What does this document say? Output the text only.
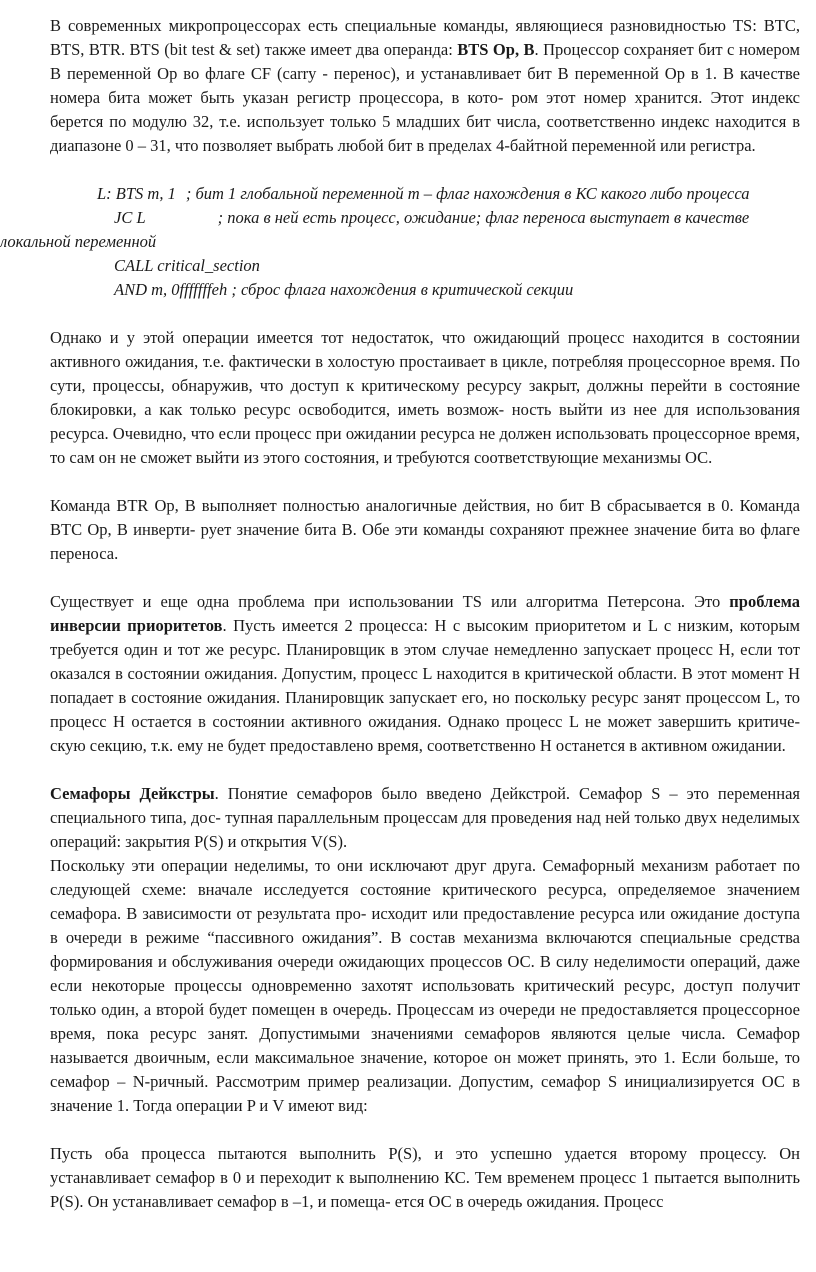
В современных микропроцессорах есть специальные команды, являющиеся разновидностью TS: BTC, BTS, BTR. BTS (bit test & set) также имеет два операнда: BTS Op, B. Процессор сохраняет бит с номером B переменной Op во флаге CF (carry - перенос), и устанавливает бит B переменной Op в 1. В качестве номера бита может быть указан регистр процессора, в кото- ром этот номер хранится. Этот индекс берется по модулю 32, т.е. использует только 5 младших бит числа, соответственно индекс находится в диапазоне 0 – 31, что позволяет выбрать любой бит в пределах 4-байтной переменной или регистра.

L: BTS m, 1 ; бит 1 глобальной переменной m – флаг нахождения в КС какого либо процесса
JC L	; пока в ней есть процесс, ожидание; флаг переноса выступает в качестве
локальной переменной
CALL critical_section
AND m, 0fffffffeh ; сброс флага нахождения в критической секции

Однако и у этой операции имеется тот недостаток, что ожидающий процесс находится в состоянии активного ожидания, т.е. фактически в холостую простаивает в цикле, потребляя процессорное время. По сути, процессы, обнаружив, что доступ к критическому ресурсу закрыт, должны перейти в состояние блокировки, а как только ресурс освободится, иметь возмож- ность выйти из нее для использования ресурса. Очевидно, что если процесс при ожидании ресурса не должен использовать процессорное время, то сам он не сможет выйти из этого состояния, и требуются соответствующие механизмы ОС.

Команда BTR Op, B выполняет полностью аналогичные действия, но бит B сбрасывается в 0. Команда BTC Op, B инверти- рует значение бита B. Обе эти команды сохраняют прежнее значение бита во флаге переноса.

Существует и еще одна проблема при использовании TS или алгоритма Петерсона. Это проблема инверсии приоритетов. Пусть имеется 2 процесса: H с высоким приоритетом и L с низким, которым требуется один и тот же ресурс. Планировщик в этом случае немедленно запускает процесс H, если тот оказался в состоянии ожидания. Допустим, процесс L находится в критической области. В этот момент H попадает в состояние ожидания. Планировщик запускает его, но поскольку ресурс занят процессом L, то процесс H остается в состоянии активного ожидания. Однако процесс L не может завершить критиче- скую секцию, т.к. ему не будет предоставлено время, соответственно H останется в активном ожидании.

Семафоры Дейкстры. Понятие семафоров было введено Дейкстрой. Семафор S – это переменная специального типа, дос- тупная параллельным процессам для проведения над ней только двух неделимых операций: закрытия P(S) и открытия V(S).

Поскольку эти операции неделимы, то они исключают друг друга. Семафорный механизм работает по следующей схеме: вначале исследуется состояние критического ресурса, определяемое значением семафора. В зависимости от результата про- исходит или предоставление ресурса или ожидание доступа в очереди в режиме “пассивного ожидания”. В состав механизма включаются специальные средства формирования и обслуживания очереди ожидающих процессов ОС. В силу неделимости операций, даже если некоторые процессы одновременно захотят использовать критический ресурс, доступ получит только один, а второй будет помещен в очередь. Процессам из очереди не предоставляется процессорное время, пока ресурс занят. Допустимыми значениями семафоров являются целые числа. Семафор называется двоичным, если максимальное значение, которое он может принять, это 1. Если больше, то семафор – N-ричный. Рассмотрим пример реализации. Допустим, семафор S инициализируется ОС в значение 1. Тогда операции P и V имеют вид:

Пусть оба процесса пытаются выполнить P(S), и это успешно удается второму процессу. Он устанавливает семафор в 0 и переходит к выполнению КС. Тем временем процесс 1 пытается выполнить P(S). Он устанавливает семафор в –1, и помеща- ется ОС в очередь ожидания. Процесс
